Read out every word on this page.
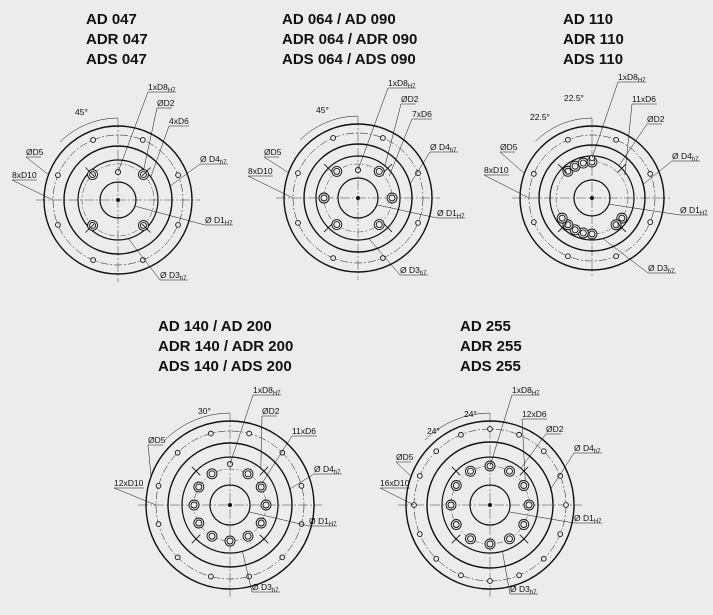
AD 047
ADR 047
ADS 047
AD 064 / AD 090
ADR 064 / ADR 090
ADS 064 / ADS 090
AD 110
ADR 110
ADS 110
AD 140 / AD 200
ADR 140 / ADR 200
ADS 140 / ADS 200
AD 255
ADR 255
ADS 255
$1xD8_{H7}$
ØD2
4xD6
Ø $D4_{h7}$
Ø $D1_{H7}$
Ø $D3_{h7}$
ØD5
8xD10
45°
$1xD8_{H7}$
ØD2
7xD6
Ø $D4_{h7}$
Ø $D1_{H7}$
Ø $D3_{h7}$
ØD5
8xD10
45°
$1xD8_{H7}$
ØD2
11xD6
Ø $D4_{h7}$
Ø $D1_{H7}$
Ø $D3_{h7}$
ØD5
8xD10
22.5°
22.5°
$1xD8_{H7}$
ØD2
11xD6
Ø $D4_{h7}$
Ø $D1_{H7}$
Ø $D3_{h7}$
ØD5
12xD10
30°
$1xD8_{H7}$
ØD2
12xD6
Ø $D4_{h7}$
Ø $D1_{H7}$
Ø $D3_{h7}$
ØD5
16xD10
24°
24°
